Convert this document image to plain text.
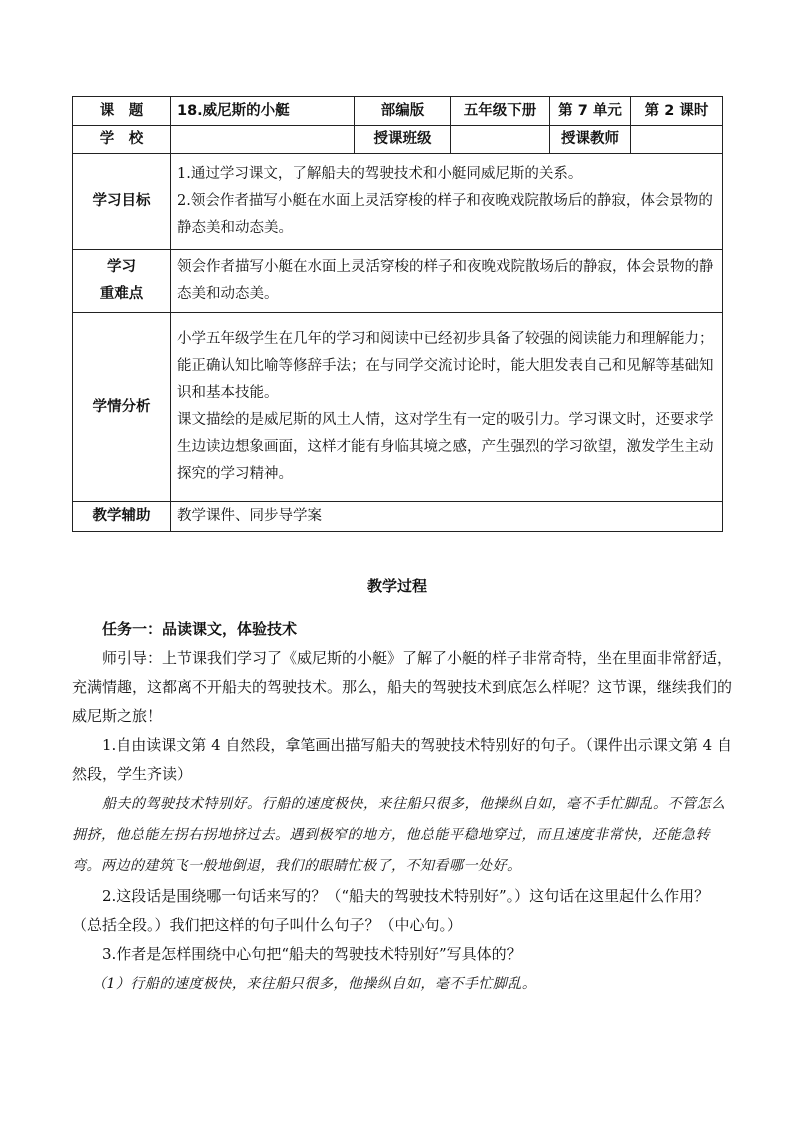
课　题	18.威尼斯的小艇	部编版	五年级下册	第 7 单元	第 2 课时
学　校		授课班级		授课教师	
学习目标	1.通过学习课文，了解船夫的驾驶技术和小艇同威尼斯的关系。

2.领会作者描写小艇在水面上灵活穿梭的样子和夜晚戏院散场后的静寂，体会景物的静态美和动态美。				

学习
重难点	领会作者描写小艇在水面上灵活穿梭的样子和夜晚戏院散场后的静寂，体会景物的静态美和动态美。				
学情分析	小学五年级学生在几年的学习和阅读中已经初步具备了较强的阅读能力和理解能力；能正确认知比喻等修辞手法；在与同学交流讨论时，能大胆发表自己和见解等基础知识和基本技能。

课文描绘的是威尼斯的风土人情，这对学生有一定的吸引力。学习课文时，还要求学生边读边想象画面，这样才能有身临其境之感，产生强烈的学习欲望，激发学生主动探究的学习精神。				

教学辅助	教学课件、同步导学案				
教学过程

任务一：品读课文，体验技术

师引导：上节课我们学习了《威尼斯的小艇》了解了小艇的样子非常奇特，坐在里面非常舒适，充满情趣，这都离不开船夫的驾驶技术。那么，船夫的驾驶技术到底怎么样呢？这节课，继续我们的威尼斯之旅！

1.自由读课文第 4 自然段，拿笔画出描写船夫的驾驶技术特别好的句子。（课件出示课文第 4 自然段，学生齐读）

船夫的驾驶技术特别好。行船的速度极快，来往船只很多，他操纵自如，毫不手忙脚乱。不管怎么拥挤，他总能左拐右拐地挤过去。遇到极窄的地方，他总能平稳地穿过，而且速度非常快，还能急转弯。两边的建筑飞一般地倒退，我们的眼睛忙极了，不知看哪一处好。

2.这段话是围绕哪一句话来写的？（“船夫的驾驶技术特别好”。）这句话在这里起什么作用？（总括全段。）我们把这样的句子叫什么句子？（中心句。）

3.作者是怎样围绕中心句把“船夫的驾驶技术特别好”写具体的？

（1）行船的速度极快，来往船只很多，他操纵自如，毫不手忙脚乱。
